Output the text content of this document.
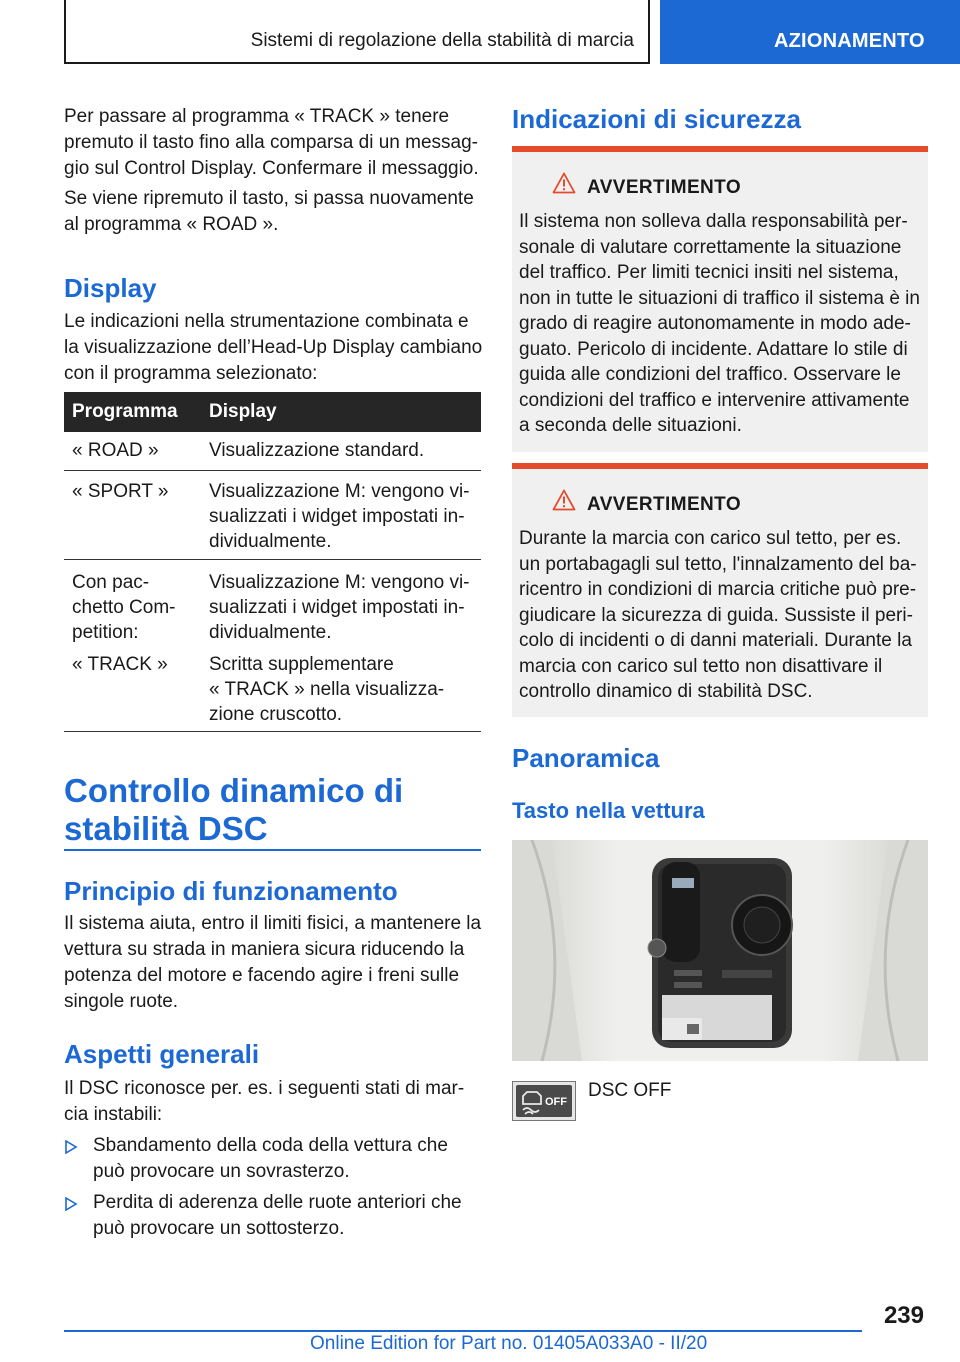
Sistemi di regolazione della stabilità di marcia	AZIONAMENTO
Per passare al programma « TRACK » tenere
premuto il tasto fino alla comparsa di un messag-
gio sul Control Display. Confermare il messaggio.
Se viene ripremuto il tasto, si passa nuovamente
al programma « ROAD ».
Display
Le indicazioni nella strumentazione combinata e
la visualizzazione dell’Head-Up Display cambiano
con il programma selezionato:
Programma Display
« ROAD »	Visualizzazione standard.
« SPORT » Visualizzazione M: vengono vi-
sualizzati i widget impostati in-
dividualmente.
Con pac-
chetto Com-
petition:
Visualizzazione M: vengono vi-
sualizzati i widget impostati in-
dividualmente.
« TRACK » Scritta supplementare
« TRACK » nella visualizza-
zione cruscotto.
Controllo dinamico di
stabilità DSC
Principio di funzionamento
Il sistema aiuta, entro il limiti fisici, a mantenere la
vettura su strada in maniera sicura riducendo la
potenza del motore e facendo agire i freni sulle
singole ruote.
Aspetti generali
Il DSC riconosce per. es. i seguenti stati di mar-
cia instabili:
Sbandamento della coda della vettura che
può provocare un sovrasterzo.
Perdita di aderenza delle ruote anteriori che
può provocare un sottosterzo.
Indicazioni di sicurezza
AVVERTIMENTO
Il sistema non solleva dalla responsabilità per-
sonale di valutare correttamente la situazione
del traffico. Per limiti tecnici insiti nel sistema,
non in tutte le situazioni di traffico il sistema è in
grado di reagire autonomamente in modo ade-
guato. Pericolo di incidente. Adattare lo stile di
guida alle condizioni del traffico. Osservare le
condizioni del traffico e intervenire attivamente
a seconda delle situazioni.
AVVERTIMENTO
Durante la marcia con carico sul tetto, per es.
un portabagagli sul tetto, l'innalzamento del ba-
ricentro in condizioni di marcia critiche può pre-
giudicare la sicurezza di guida. Sussiste il peri-
colo di incidenti o di danni materiali. Durante la
marcia con carico sul tetto non disattivare il
controllo dinamico di stabilità DSC.
Panoramica
Tasto nella vettura
OFF
DSC OFF
239
Online Edition for Part no. 01405A033A0 - II/20
